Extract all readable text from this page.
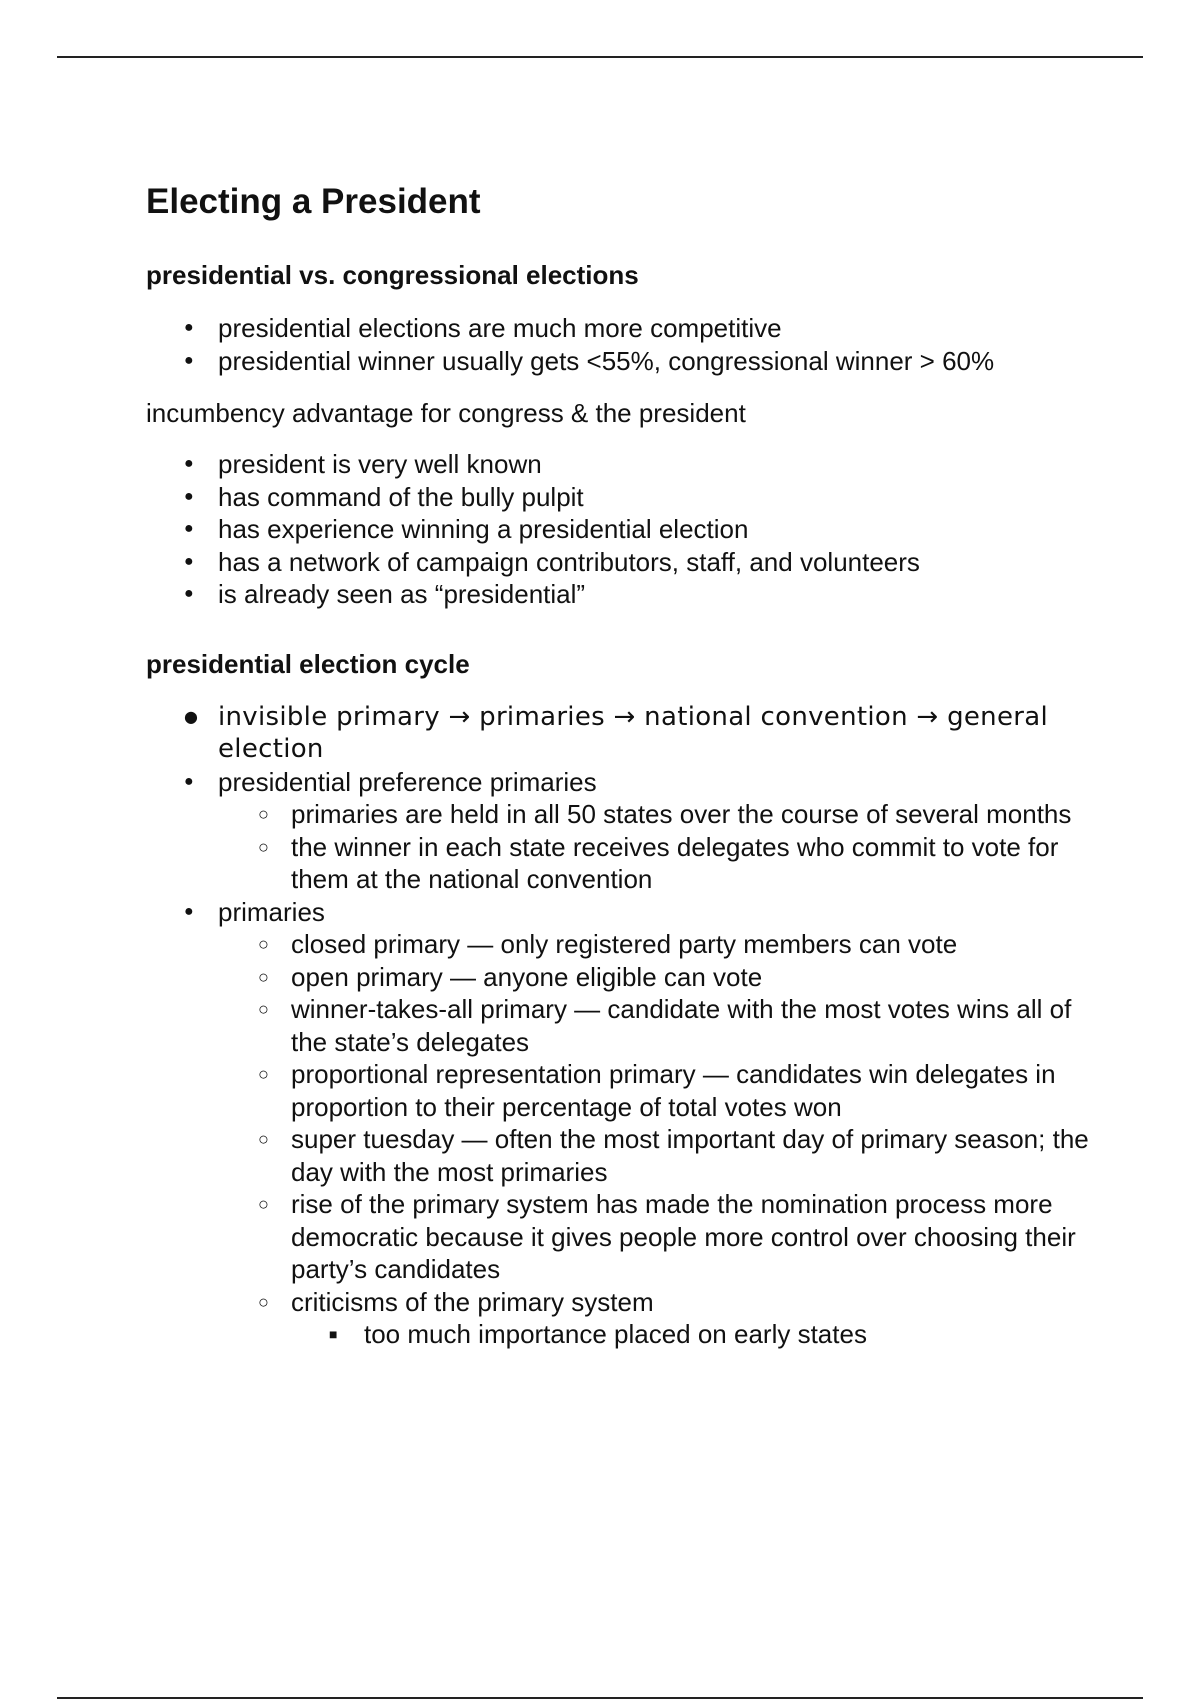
Electing a President
presidential vs. congressional elections
● presidential elections are much more competitive
● presidential winner usually gets <55%, congressional winner > 60%
incumbency advantage for congress & the president
● president is very well known
● has command of the bully pulpit
● has experience winning a presidential election
● has a network of campaign contributors, staff, and volunteers
● is already seen as “presidential”
presidential election cycle
● invisible primary → primaries → national convention → general election
● presidential preference primaries
○ primaries are held in all 50 states over the course of several months
○ the winner in each state receives delegates who commit to vote for them at the national convention
● primaries
○ closed primary — only registered party members can vote
○ open primary — anyone eligible can vote
○ winner-takes-all primary — candidate with the most votes wins all of the state’s delegates
○ proportional representation primary — candidates win delegates in proportion to their percentage of total votes won
○ super tuesday — often the most important day of primary season; the day with the most primaries
○ rise of the primary system has made the nomination process more democratic because it gives people more control over choosing their party’s candidates
○ criticisms of the primary system
■ too much importance placed on early states
